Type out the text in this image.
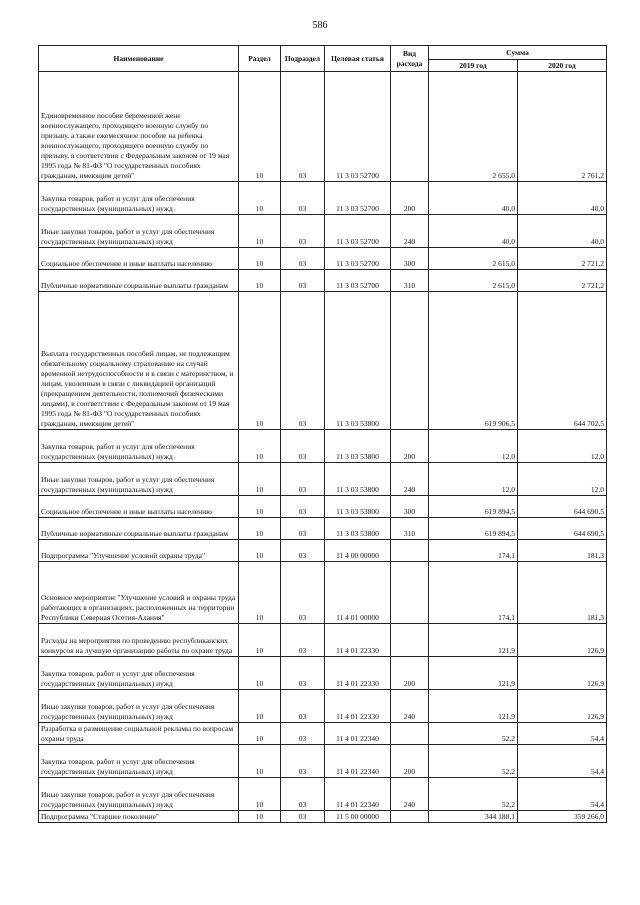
586
Наименование	Раздел	Подраздел	Целевая статья	Вид расхода	Сумма	
					2019 год	2020 год
Единовременное пособие беременной жене военнослужащего, проходящего военную службу по призыву, а также ежемесячное пособие на ребенка военнослужащего, проходящего военную службу по призыву, в соответствии с Федеральным законом от 19 мая 1995 года № 81-ФЗ "О государственных пособиях гражданам, имеющим детей"	10	03	11 3 03 52700		2 655,0	2 761,2
Закупка товаров, работ и услуг для обеспечения государственных (муниципальных) нужд	10	03	11 3 03 52700	200	40,0	40,0
Иные закупки товаров, работ и услуг для обеспечения государственных (муниципальных) нужд	10	03	11 3 03 52700	240	40,0	40,0
Социальное обеспечение и иные выплаты населению	10	03	11 3 03 52700	300	2 615,0	2 721,2
Публичные нормативные социальные выплаты гражданам	10	03	11 3 03 52700	310	2 615,0	2 721,2
Выплата государственных пособий лицам, не подлежащим обязательному социальному страхованию на случай временной нетрудоспособности и в связи с материнством, и лицам, уволенным в связи с ликвидацией организаций (прекращением деятельности, полномочий физическими лицами), в соответствии с Федеральным законом от 19 мая 1995 года № 81-ФЗ "О государственных пособиях гражданам, имеющим детей"	10	03	11 3 03 53800		619 906,5	644 702,5
Закупка товаров, работ и услуг для обеспечения государственных (муниципальных) нужд	10	03	11 3 03 53800	200	12,0	12,0
Иные закупки товаров, работ и услуг для обеспечения государственных (муниципальных) нужд	10	03	11 3 03 53800	240	12,0	12,0
Социальное обеспечение и иные выплаты населению	10	03	11 3 03 53800	300	619 894,5	644 690,5
Публичные нормативные социальные выплаты гражданам	10	03	11 3 03 53800	310	619 894,5	644 690,5
Подпрограмма "Улучшение условий охраны труда"	10	03	11 4 00 00000		174,1	181,3
Основное мероприятие "Улучшение условий и охраны труда работающих в организациях, расположенных на территории Республики Северная Осетия-Алания"	10	03	11 4 01 00000		174,1	181,3
Расходы на мероприятия по проведению республиканских конкурсов на лучшую организацию работы по охране труда	10	03	11 4 01 22330		121,9	126,9
Закупка товаров, работ и услуг для обеспечения государственных (муниципальных) нужд	10	03	11 4 01 22330	200	121,9	126,9
Иные закупки товаров, работ и услуг для обеспечения государственных (муниципальных) нужд	10	03	11 4 01 22330	240	121,9	126,9
Разработка и размещение социальной рекламы по вопросам охраны труда	10	03	11 4 01 22340		52,2	54,4
Закупка товаров, работ и услуг для обеспечения государственных (муниципальных) нужд	10	03	11 4 01 22340	200	52,2	54,4
Иные закупки товаров, работ и услуг для обеспечения государственных (муниципальных) нужд	10	03	11 4 01 22340	240	52,2	54,4
Подпрограмма "Старшее поколение"	10	03	11 5 00 00000		344 188,1	359 266,0
